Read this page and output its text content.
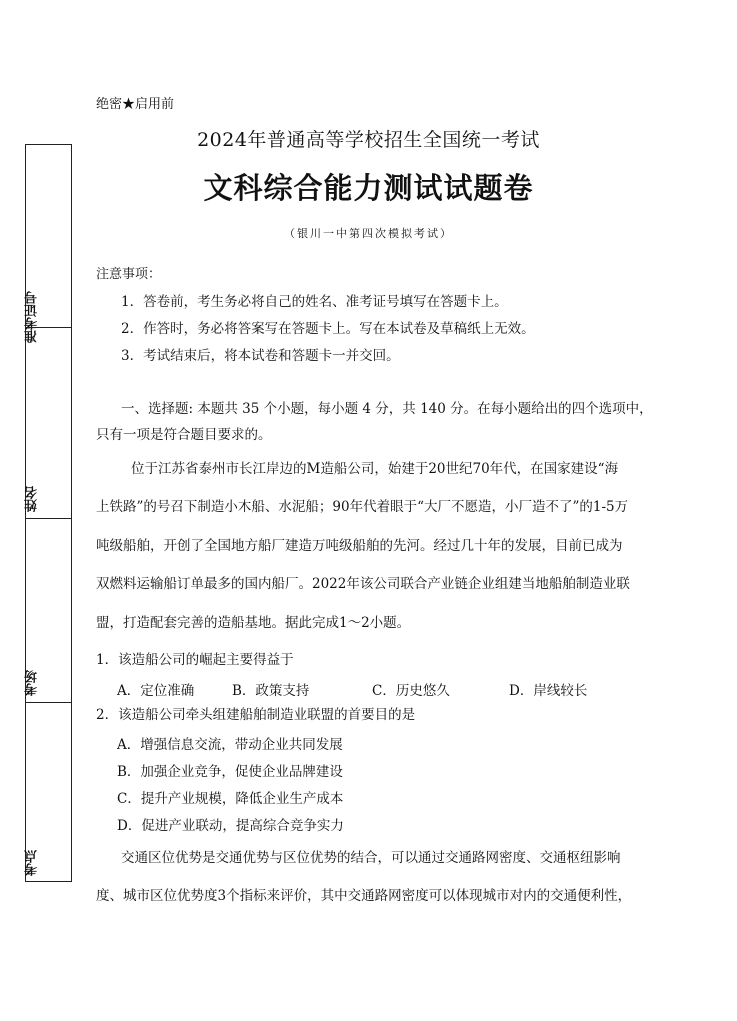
绝密★启用前
2024年普通高等学校招生全国统一考试
文科综合能力测试试题卷
（银川一中第四次模拟考试）
准考证号
姓名
考场
考点
注意事项：
1．答卷前，考生务必将自己的姓名、准考证号填写在答题卡上。
2．作答时，务必将答案写在答题卡上。写在本试卷及草稿纸上无效。
3．考试结束后，将本试卷和答题卡一并交回。
一、选择题: 本题共 35 个小题，每小题 4 分，共 140 分。在每小题给出的四个选项中，
只有一项是符合题目要求的。
位于江苏省泰州市长江岸边的M造船公司，始建于20世纪70年代，在国家建设“海
上铁路”的号召下制造小木船、水泥船；90年代着眼于“大厂不愿造，小厂造不了”的1-5万
吨级船舶，开创了全国地方船厂建造万吨级船舶的先河。经过几十年的发展，目前已成为
双燃料运输船订单最多的国内船厂。2022年该公司联合产业链企业组建当地船舶制造业联
盟，打造配套完善的造船基地。据此完成1～2小题。
1．该造船公司的崛起主要得益于
A．定位准确	B．政策支持	C．历史悠久	D．岸线较长
2．该造船公司牵头组建船舶制造业联盟的首要目的是
A．增强信息交流，带动企业共同发展
B．加强企业竞争，促使企业品牌建设
C．提升产业规模，降低企业生产成本
D．促进产业联动，提高综合竞争实力
交通区位优势是交通优势与区位优势的结合，可以通过交通路网密度、交通枢纽影响
度、城市区位优势度3个指标来评价，其中交通路网密度可以体现城市对内的交通便利性，
